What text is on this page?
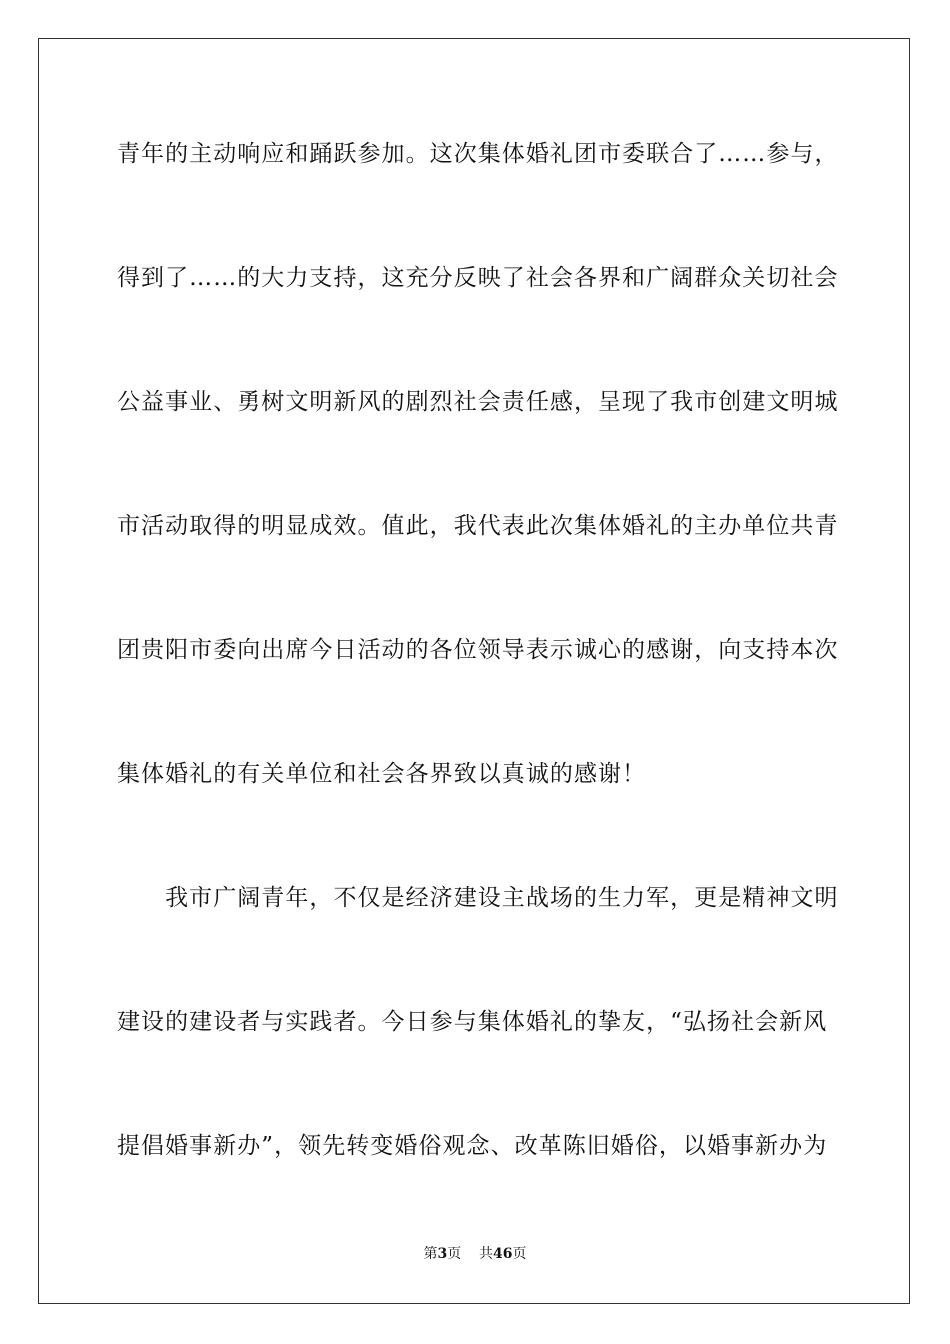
青年的主动响应和踊跃参加。这次集体婚礼团市委联合了……参与，
得到了……的大力支持，这充分反映了社会各界和广阔群众关切社会
公益事业、勇树文明新风的剧烈社会责任感，呈现了我市创建文明城
市活动取得的明显成效。值此，我代表此次集体婚礼的主办单位共青
团贵阳市委向出席今日活动的各位领导表示诚心的感谢，向支持本次
集体婚礼的有关单位和社会各界致以真诚的感谢！
　　我市广阔青年，不仅是经济建设主战场的生力军，更是精神文明
建设的建设者与实践者。今日参与集体婚礼的挚友，“弘扬社会新风
提倡婚事新办”，领先转变婚俗观念、改革陈旧婚俗，以婚事新办为
第3页 共46页
